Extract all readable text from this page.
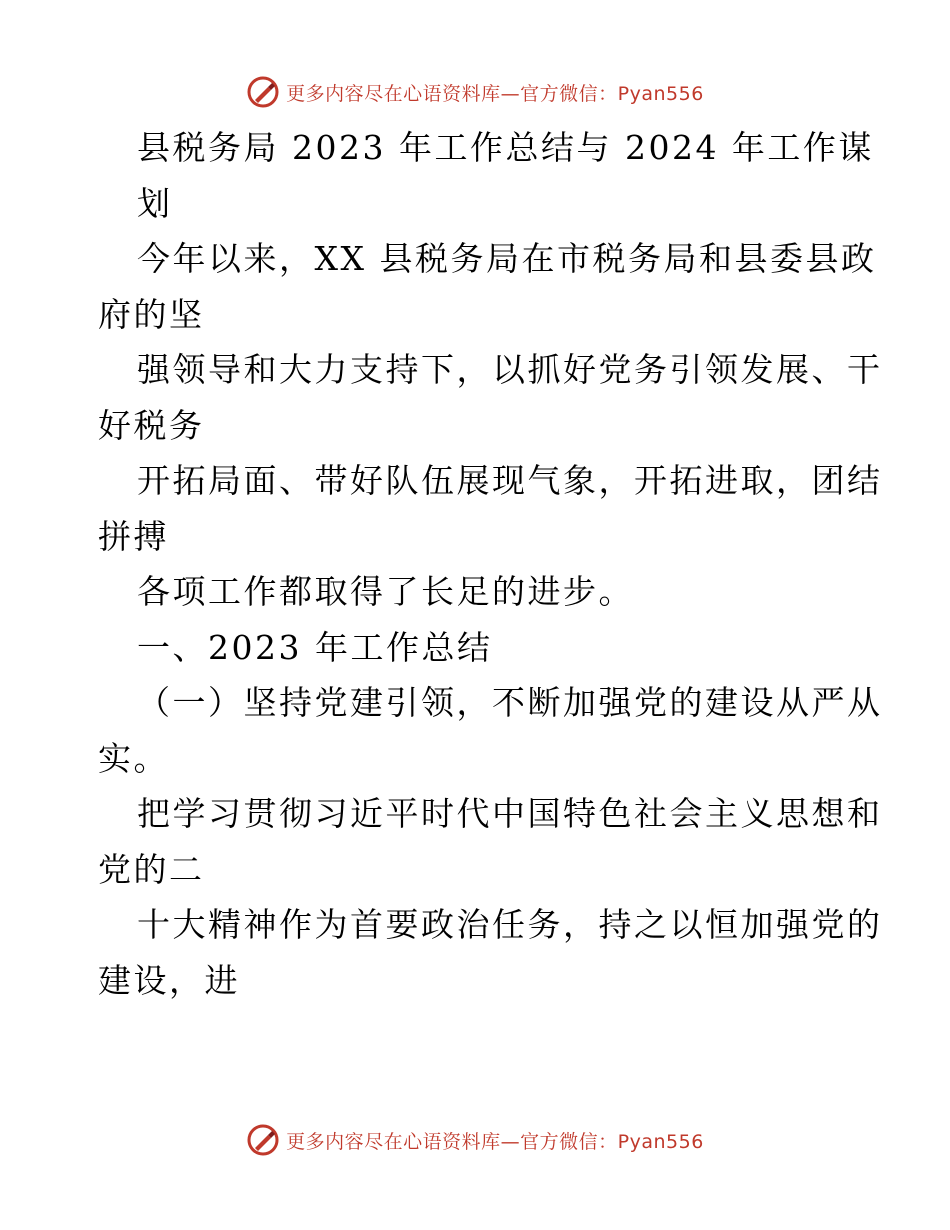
更多内容尽在心语资料库—官方微信：Pyan556
县税务局 2023 年工作总结与 2024 年工作谋
划
今年以来，XX 县税务局在市税务局和县委县政
府的坚
强领导和大力支持下，以抓好党务引领发展、干
好税务
开拓局面、带好队伍展现气象，开拓进取，团结
拼搏
各项工作都取得了长足的进步。
一、2023 年工作总结
（一）坚持党建引领，不断加强党的建设从严从
实。
把学习贯彻习近平时代中国特色社会主义思想和
党的二
十大精神作为首要政治任务，持之以恒加强党的
建设，进
更多内容尽在心语资料库—官方微信：Pyan556
